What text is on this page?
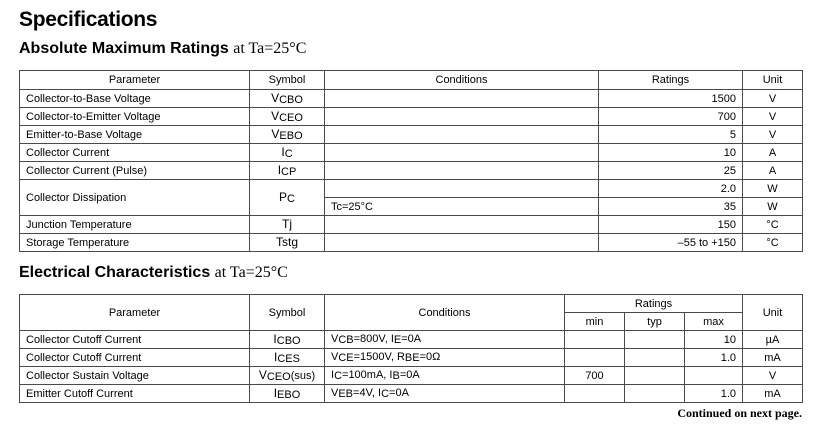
Specifications
Absolute Maximum Ratings at Ta=25°C
Parameter	Symbol	Conditions	Ratings	Unit
Collector-to-Base Voltage	$V_{CBO}$		1500	V
Collector-to-Emitter Voltage	$V_{CEO}$		700	V
Emitter-to-Base Voltage	$V_{EBO}$		5	V
Collector Current	$I_C$		10	A
Collector Current (Pulse)	$I_{CP}$		25	A
Collector Dissipation	$P_C$		2.0	W
		Tc=25°C	35	W
Junction Temperature	Tj		150	°C
Storage Temperature	Tstg		–55 to +150	°C
Electrical Characteristics at Ta=25°C
Parameter	Symbol	Conditions	Ratings			Unit
			min	typ	max	
Collector Cutoff Current	$I_{CBO}$	$V_{CB}=800V$, $I_E=0A$			10	µA
Collector Cutoff Current	$I_{CES}$	$V_{CE}=1500V$, $R_{BE}=0\Omega$			1.0	mA
Collector Sustain Voltage	$V_{CEO}(sus)$	$I_C=100mA$, $I_B=0A$	700			V
Emitter Cutoff Current	$I_{EBO}$	$V_{EB}=4V$, $I_C=0A$			1.0	mA
Continued on next page.
